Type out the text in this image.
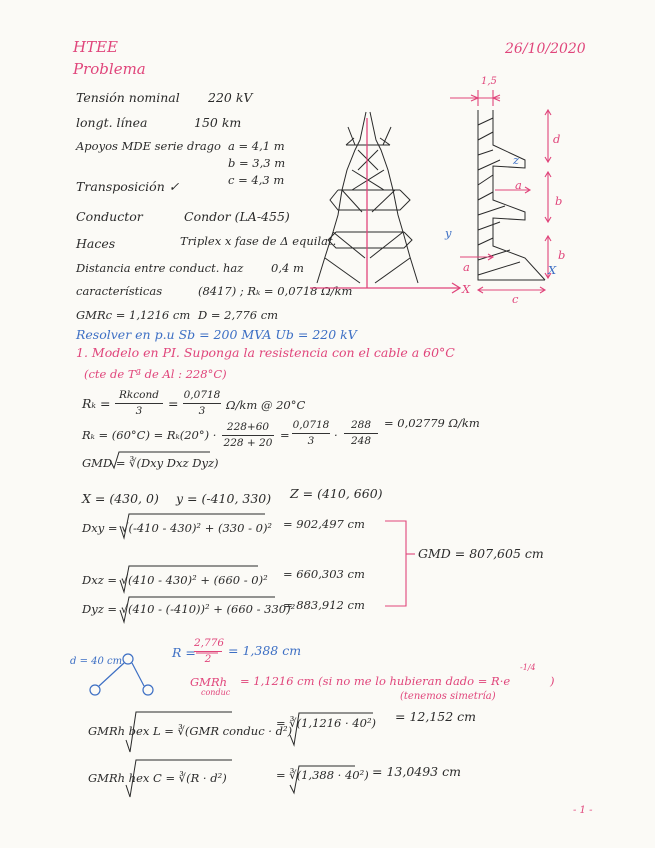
HTEE
Problema
26/10/2020
Tensión nominal 220 kV
longt. línea	150 km
Apoyos MDE serie drago a = 4,1 m
b = 3,3 m
c = 4,3 m
Transposición ✓
Conductor	Condor (LA-455)
Haces	Triplex x fase de Δ equilat.
Distancia entre conduct. haz 0,4 m
características	(8417) ; Rₖ = 0,0718 Ω/km
GMRc = 1,1216 cm D = 2,776 cm
X
y
z
X
a
a
b
b
c
d
1,5
Resolver en p.u Sb = 200 MVA Ub = 220 kV
1. Modelo en PI. Suponga la resistencia con el cable a 60°C
(cte de Tª de Al : 228°C)
Rₖ =
Rkcond
3	=
0,0718
3	Ω/km @ 20°C
Rₖ = (60°C) = Rₖ(20°) ·
228+60
228 + 20
=
0,0718
3	·
288
248
= 0,02779 Ω/km
GMD = ∛(Dxy Dxz Dyz)
X = (430, 0) y = (-410, 330) Z = (410, 660)
Dxy = √(-410 - 430)² + (330 - 0)² = 902,497 cm
Dxz = √(410 - 430)² + (660 - 0)² = 660,303 cm
Dyz = √(410 - (-410))² + (660 - 330)²
= 883,912 cm
GMD = 807,605 cm
d = 40 cm
R =
2,776
2
= 1,388 cm
GMRh
conduc
= 1,1216 cm (si no me lo hubieran dado = R·e
-1/4
)
(tenemos simetría)
GMRh bex L = ∛(GMR conduc · d²)
= ∛(1,1216 · 40²) = 12,152 cm
GMRh hex C = ∛(R · d²)	= ∛(1,388 · 40²) = 13,0493 cm
- 1 -
